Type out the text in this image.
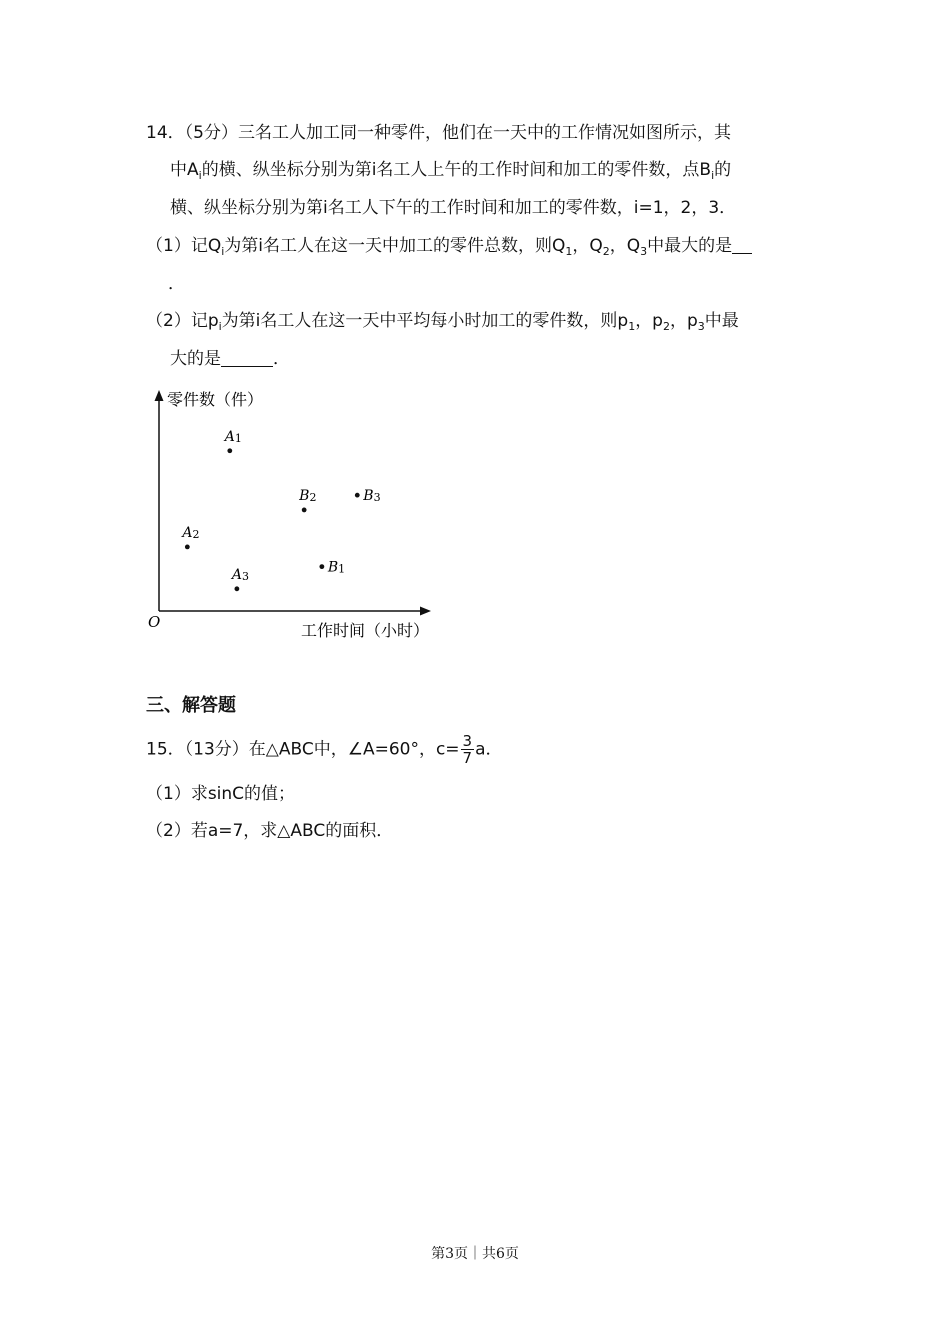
14．（5分）三名工人加工同一种零件，他们在一天中的工作情况如图所示，其
中$A_i$的横、纵坐标分别为第i名工人上午的工作时间和加工的零件数，点$B_i$的
横、纵坐标分别为第i名工人下午的工作时间和加工的零件数，i=1，2，3．
（1）记$Q_i$为第i名工人在这一天中加工的零件总数，则$Q_1$，$Q_2$，$Q_3$中最大的是
．
（2）记$p_i$为第i名工人在这一天中平均每小时加工的零件数，则$p_1$，$p_2$，$p_3$中最
大的是	．
零件数（件）
工作时间（小时）
O
A1
A2
A3
B1
B2	B3
三、解答题
15．（13分）在△ABC中，∠A=60°，$c= \frac{3}{7}$ a．
（1）求sinC的值；
（2）若a=7，求△ABC的面积．
第3页｜共6页
